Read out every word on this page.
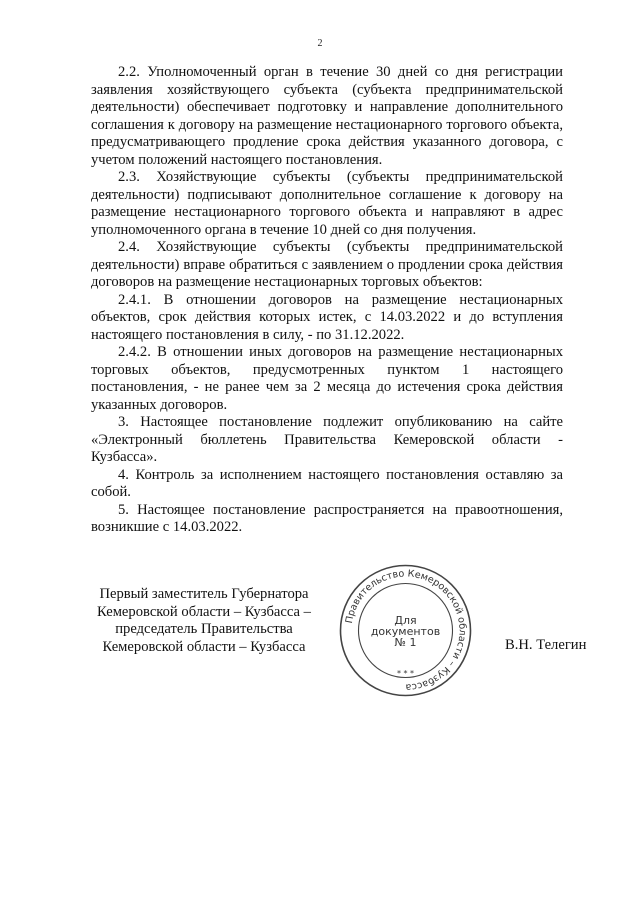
2

2.2. Уполномоченный орган в течение 30 дней со дня регистрации заявления хозяйствующего субъекта (субъекта предпринимательской деятельности) обеспечивает подготовку и направление дополнительного соглашения к договору на размещение нестационарного торгового объекта, предусматривающего продление срока действия указанного договора, с учетом положений настоящего постановления.

2.3. Хозяйствующие субъекты (субъекты предпринимательской деятельности) подписывают дополнительное соглашение к договору на размещение нестационарного торгового объекта и направляют в адрес уполномоченного органа в течение 10 дней со дня получения.

2.4. Хозяйствующие субъекты (субъекты предпринимательской деятельности) вправе обратиться с заявлением о продлении срока действия договоров на размещение нестационарных торговых объектов:

2.4.1. В отношении договоров на размещение нестационарных объектов, срок действия которых истек, с 14.03.2022 и до вступления настоящего постановления в силу, - по 31.12.2022.

2.4.2. В отношении иных договоров на размещение нестационарных торговых объектов, предусмотренных пунктом 1 настоящего постановления, - не ранее чем за 2 месяца до истечения срока действия указанных договоров.

3. Настоящее постановление подлежит опубликованию на сайте «Электронный бюллетень Правительства Кемеровской области - Кузбасса».

4. Контроль за исполнением настоящего постановления оставляю за собой.

5. Настоящее постановление распространяется на правоотношения, возникшие с 14.03.2022.

Первый заместитель Губернатора
Кемеровской области – Кузбасса –
председатель Правительства
Кемеровской области – Кузбасса
Правительство Кемеровской области – Кузбасса
* * *
Для
документов
№ 1	В.Н. Телегин
